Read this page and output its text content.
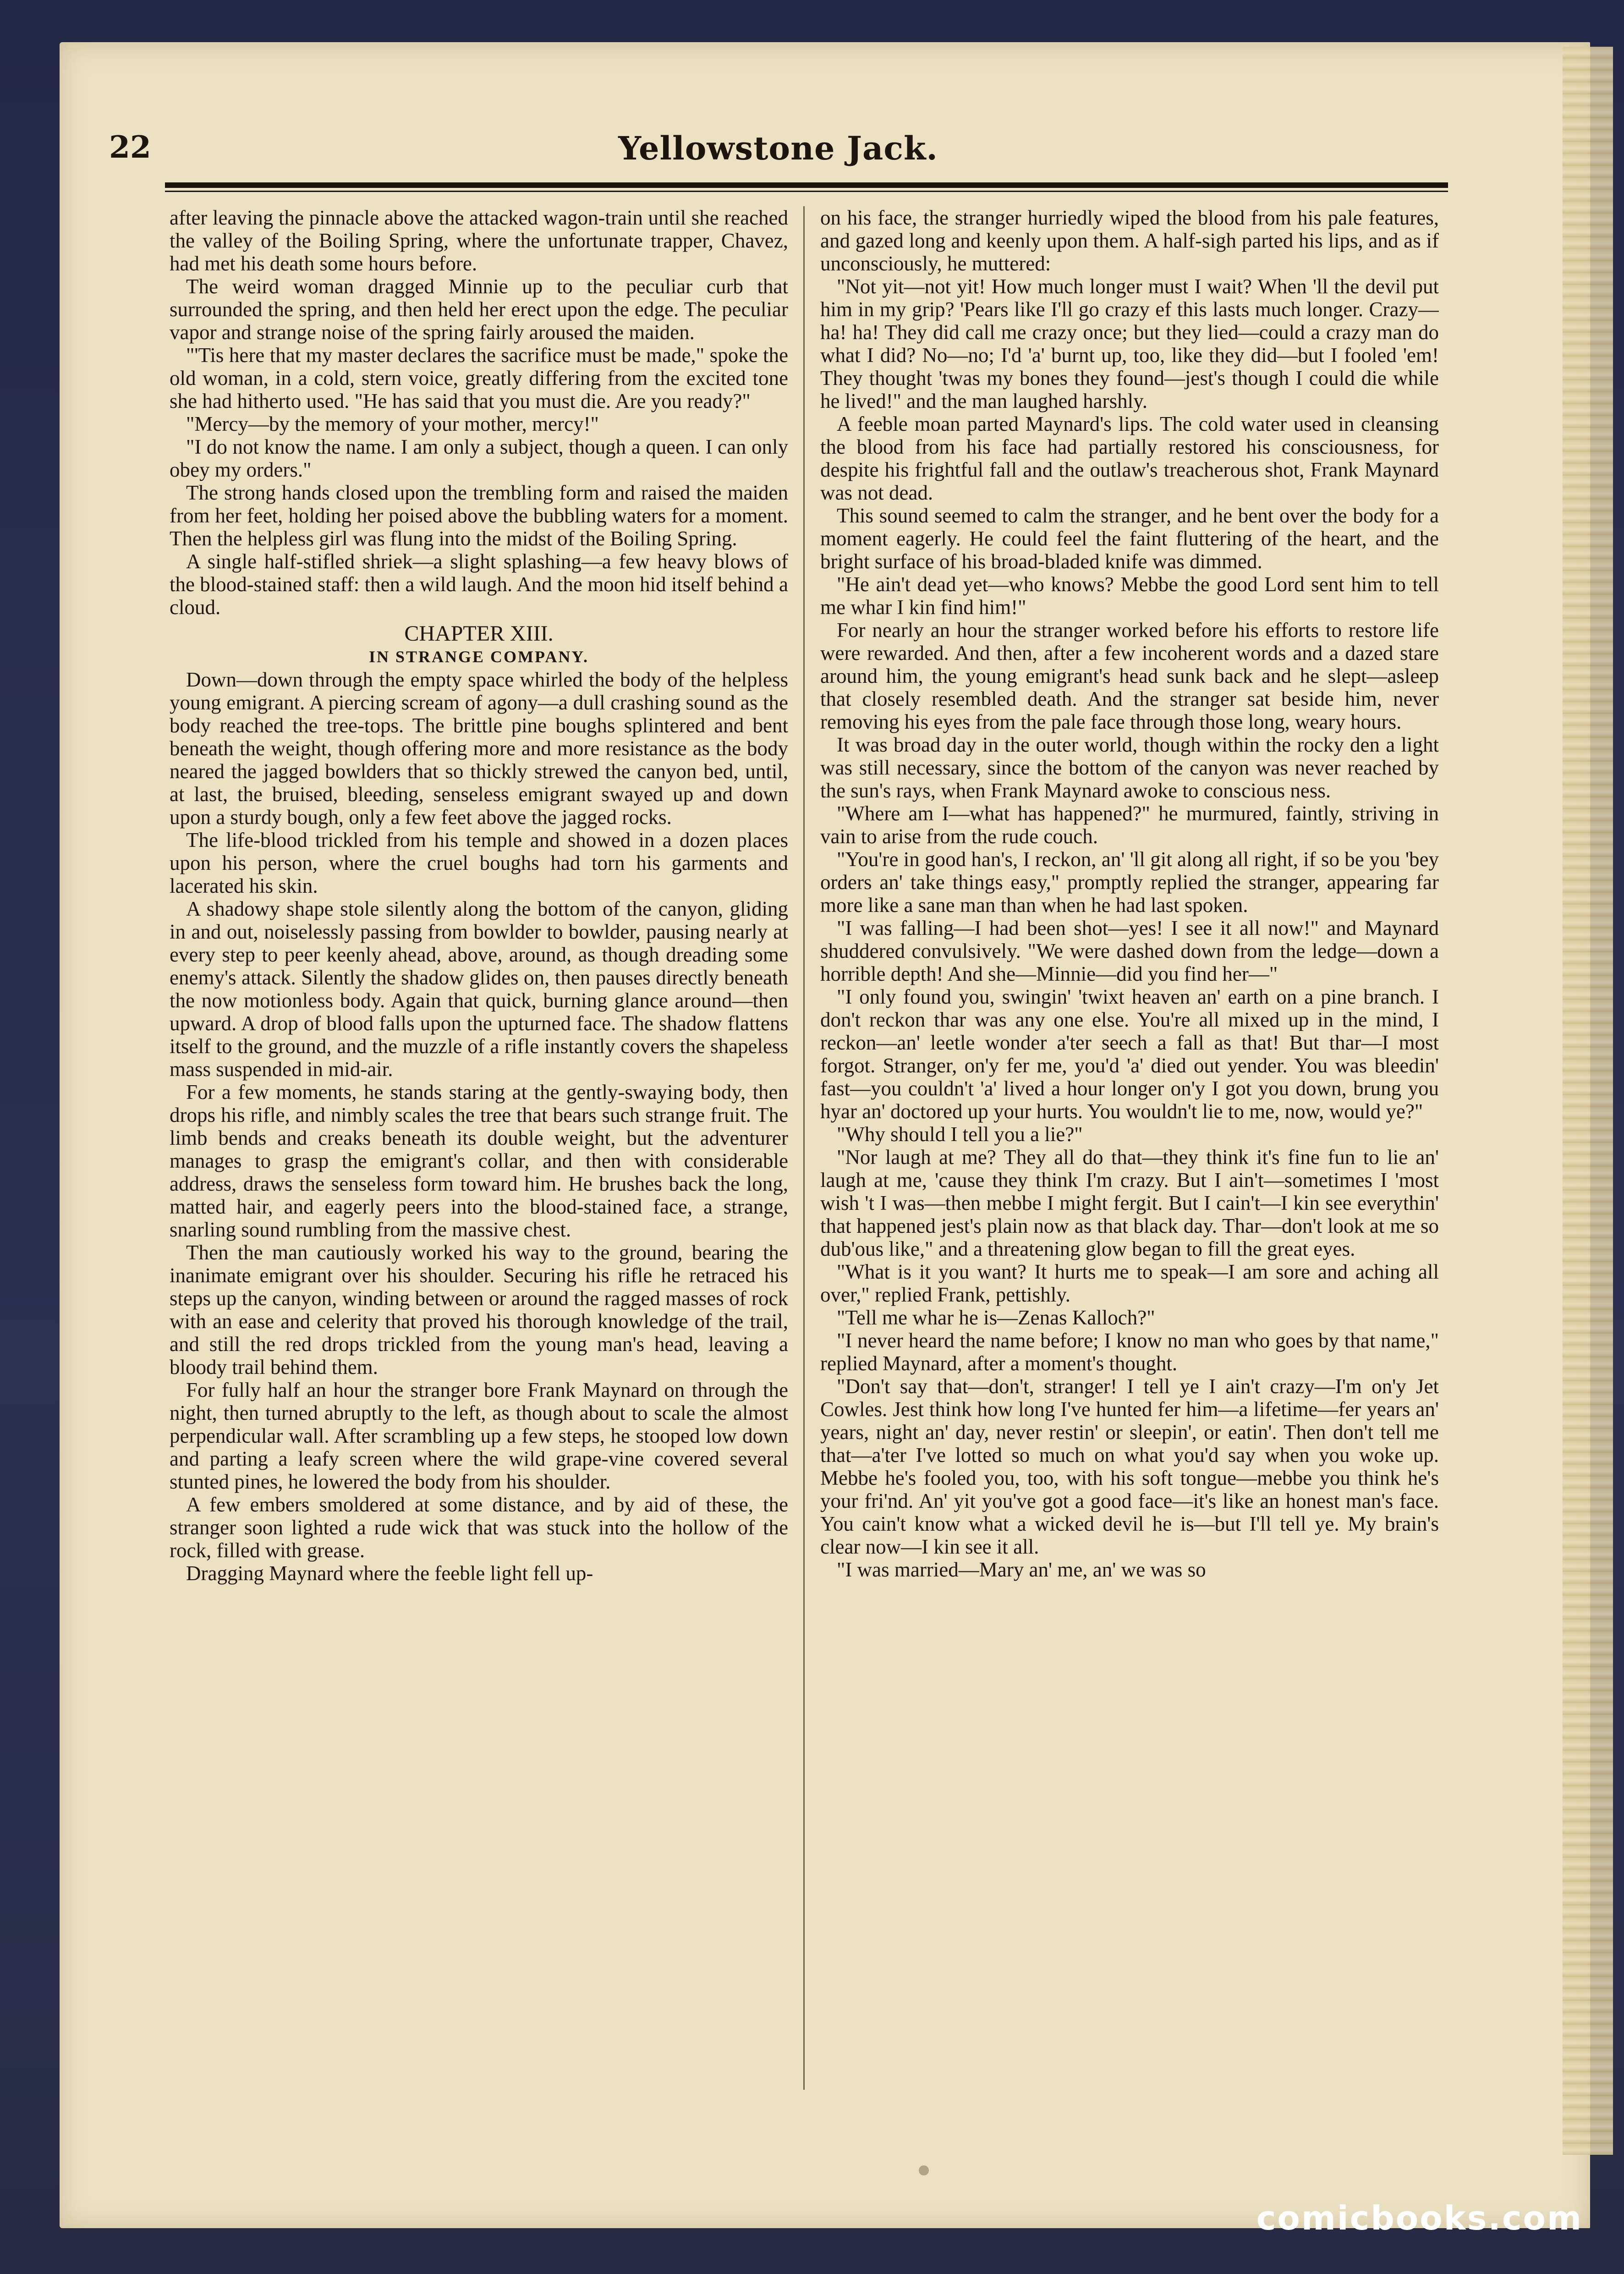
22	Yellowstone Jack.

after leaving the pinnacle above the attacked wagon-train until she reached the valley of the Boiling Spring, where the unfortunate trapper, Chavez, had met his death some hours before.

The weird woman dragged Minnie up to the peculiar curb that surrounded the spring, and then held her erect upon the edge. The peculiar vapor and strange noise of the spring fairly aroused the maiden.

"'Tis here that my master declares the sacrifice must be made," spoke the old woman, in a cold, stern voice, greatly differing from the excited tone she had hitherto used. "He has said that you must die. Are you ready?"

"Mercy—by the memory of your mother, mercy!"

"I do not know the name. I am only a subject, though a queen. I can only obey my orders."

The strong hands closed upon the trembling form and raised the maiden from her feet, holding her poised above the bubbling waters for a moment. Then the helpless girl was flung into the midst of the Boiling Spring.

A single half-stifled shriek—a slight splashing—a few heavy blows of the blood-stained staff: then a wild laugh. And the moon hid itself behind a cloud.

CHAPTER XIII.

IN STRANGE COMPANY.

Down—down through the empty space whirled the body of the helpless young emigrant. A piercing scream of agony—a dull crashing sound as the body reached the tree-tops. The brittle pine boughs splintered and bent beneath the weight, though offering more and more resistance as the body neared the jagged bowlders that so thickly strewed the canyon bed, until, at last, the bruised, bleeding, senseless emigrant swayed up and down upon a sturdy bough, only a few feet above the jagged rocks.

The life-blood trickled from his temple and showed in a dozen places upon his person, where the cruel boughs had torn his garments and lacerated his skin.

A shadowy shape stole silently along the bottom of the canyon, gliding in and out, noiselessly passing from bowlder to bowlder, pausing nearly at every step to peer keenly ahead, above, around, as though dreading some enemy's attack. Silently the shadow glides on, then pauses directly beneath the now motionless body. Again that quick, burning glance around—then upward. A drop of blood falls upon the upturned face. The shadow flattens itself to the ground, and the muzzle of a rifle instantly covers the shapeless mass suspended in mid-air.

For a few moments, he stands staring at the gently-swaying body, then drops his rifle, and nimbly scales the tree that bears such strange fruit. The limb bends and creaks beneath its double weight, but the adventurer manages to grasp the emigrant's collar, and then with considerable address, draws the senseless form toward him. He brushes back the long, matted hair, and eagerly peers into the blood-stained face, a strange, snarling sound rumbling from the massive chest.

Then the man cautiously worked his way to the ground, bearing the inanimate emigrant over his shoulder. Securing his rifle he retraced his steps up the canyon, winding between or around the ragged masses of rock with an ease and celerity that proved his thorough knowledge of the trail, and still the red drops trickled from the young man's head, leaving a bloody trail behind them.

For fully half an hour the stranger bore Frank Maynard on through the night, then turned abruptly to the left, as though about to scale the almost perpendicular wall. After scrambling up a few steps, he stooped low down and parting a leafy screen where the wild grape-vine covered several stunted pines, he lowered the body from his shoulder.

A few embers smoldered at some distance, and by aid of these, the stranger soon lighted a rude wick that was stuck into the hollow of the rock, filled with grease.

Dragging Maynard where the feeble light fell up-

on his face, the stranger hurriedly wiped the blood from his pale features, and gazed long and keenly upon them. A half-sigh parted his lips, and as if unconsciously, he muttered:

"Not yit—not yit! How much longer must I wait? When 'll the devil put him in my grip? 'Pears like I'll go crazy ef this lasts much longer. Crazy—ha! ha! They did call me crazy once; but they lied—could a crazy man do what I did? No—no; I'd 'a' burnt up, too, like they did—but I fooled 'em! They thought 'twas my bones they found—jest's though I could die while he lived!" and the man laughed harshly.

A feeble moan parted Maynard's lips. The cold water used in cleansing the blood from his face had partially restored his consciousness, for despite his frightful fall and the outlaw's treacherous shot, Frank Maynard was not dead.

This sound seemed to calm the stranger, and he bent over the body for a moment eagerly. He could feel the faint fluttering of the heart, and the bright surface of his broad-bladed knife was dimmed.

"He ain't dead yet—who knows? Mebbe the good Lord sent him to tell me whar I kin find him!"

For nearly an hour the stranger worked before his efforts to restore life were rewarded. And then, after a few incoherent words and a dazed stare around him, the young emigrant's head sunk back and he slept—asleep that closely resembled death. And the stranger sat beside him, never removing his eyes from the pale face through those long, weary hours.

It was broad day in the outer world, though within the rocky den a light was still necessary, since the bottom of the canyon was never reached by the sun's rays, when Frank Maynard awoke to conscious ness.

"Where am I—what has happened?" he murmured, faintly, striving in vain to arise from the rude couch.

"You're in good han's, I reckon, an' 'll git along all right, if so be you 'bey orders an' take things easy," promptly replied the stranger, appearing far more like a sane man than when he had last spoken.

"I was falling—I had been shot—yes! I see it all now!" and Maynard shuddered convulsively. "We were dashed down from the ledge—down a horrible depth! And she—Minnie—did you find her—"

"I only found you, swingin' 'twixt heaven an' earth on a pine branch. I don't reckon thar was any one else. You're all mixed up in the mind, I reckon—an' leetle wonder a'ter seech a fall as that! But thar—I most forgot. Stranger, on'y fer me, you'd 'a' died out yender. You was bleedin' fast—you couldn't 'a' lived a hour longer on'y I got you down, brung you hyar an' doctored up your hurts. You wouldn't lie to me, now, would ye?"

"Why should I tell you a lie?"

"Nor laugh at me? They all do that—they think it's fine fun to lie an' laugh at me, 'cause they think I'm crazy. But I ain't—sometimes I 'most wish 't I was—then mebbe I might fergit. But I cain't—I kin see everythin' that happened jest's plain now as that black day. Thar—don't look at me so dub'ous like," and a threatening glow began to fill the great eyes.

"What is it you want? It hurts me to speak—I am sore and aching all over," replied Frank, pettishly.

"Tell me whar he is—Zenas Kalloch?"

"I never heard the name before; I know no man who goes by that name," replied Maynard, after a moment's thought.

"Don't say that—don't, stranger! I tell ye I ain't crazy—I'm on'y Jet Cowles. Jest think how long I've hunted fer him—a lifetime—fer years an' years, night an' day, never restin' or sleepin', or eatin'. Then don't tell me that—a'ter I've lotted so much on what you'd say when you woke up. Mebbe he's fooled you, too, with his soft tongue—mebbe you think he's your fri'nd. An' yit you've got a good face—it's like an honest man's face. You cain't know what a wicked devil he is—but I'll tell ye. My brain's clear now—I kin see it all.

"I was married—Mary an' me, an' we was so

comicbooks.com
